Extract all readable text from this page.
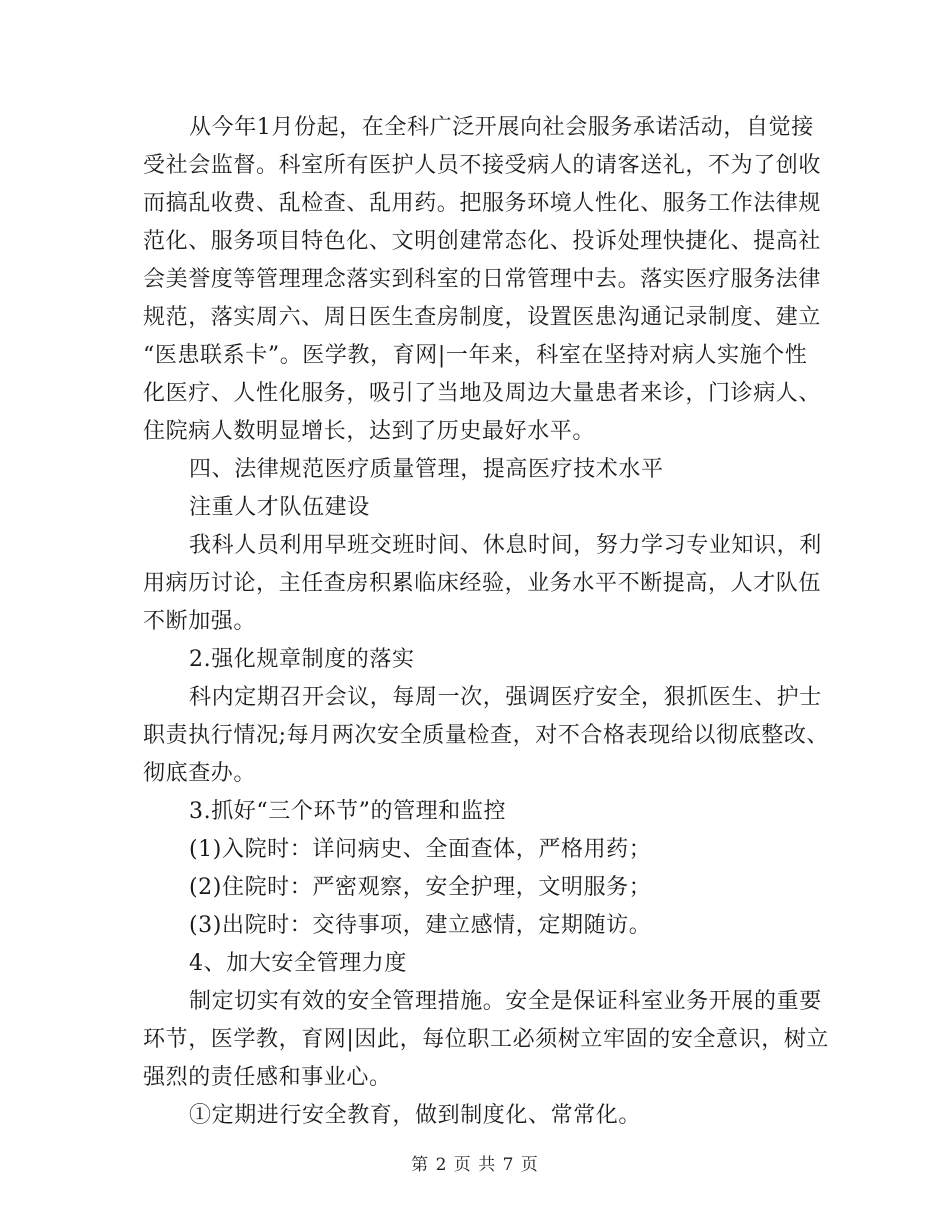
从今年1月份起，在全科广泛开展向社会服务承诺活动，自觉接
受社会监督。科室所有医护人员不接受病人的请客送礼，不为了创收
而搞乱收费、乱检查、乱用药。把服务环境人性化、服务工作法律规
范化、服务项目特色化、文明创建常态化、投诉处理快捷化、提高社
会美誉度等管理理念落实到科室的日常管理中去。落实医疗服务法律
规范，落实周六、周日医生查房制度，设置医患沟通记录制度、建立
“医患联系卡”。医学教，育网|一年来，科室在坚持对病人实施个性
化医疗、人性化服务，吸引了当地及周边大量患者来诊，门诊病人、
住院病人数明显增长，达到了历史最好水平。
四、法律规范医疗质量管理，提高医疗技术水平
注重人才队伍建设
我科人员利用早班交班时间、休息时间，努力学习专业知识，利
用病历讨论，主任查房积累临床经验，业务水平不断提高，人才队伍
不断加强。
2.强化规章制度的落实
科内定期召开会议，每周一次，强调医疗安全，狠抓医生、护士
职责执行情况;每月两次安全质量检查，对不合格表现给以彻底整改、
彻底查办。
3.抓好“三个环节”的管理和监控
(1)入院时：详问病史、全面查体，严格用药；
(2)住院时：严密观察，安全护理，文明服务；
(3)出院时：交待事项，建立感情，定期随访。
4、加大安全管理力度
制定切实有效的安全管理措施。安全是保证科室业务开展的重要
环节，医学教，育网|因此，每位职工必须树立牢固的安全意识，树立
强烈的责任感和事业心。
①定期进行安全教育，做到制度化、常常化。
第 2 页 共 7 页
